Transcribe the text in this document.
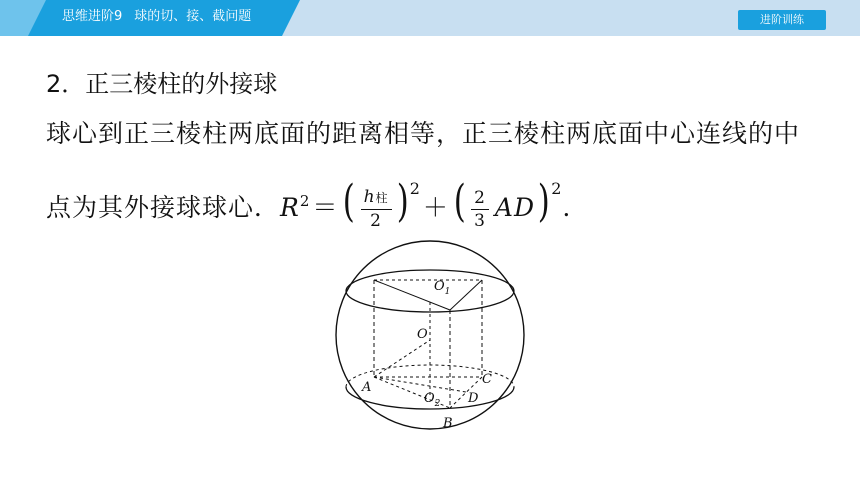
思维进阶9 球的切、接、截问题	进阶训练
2．正三棱柱的外接球
球心到正三棱柱两底面的距离相等，正三棱柱两底面中心连线的中
点为其外接球球心． $R^2=$ ( $\frac{\text{h柱}}{2} )^2+$ ( $\frac{2}{3} AD)^2$.
$O_1$
O
A
C
$O_2$ D
B
